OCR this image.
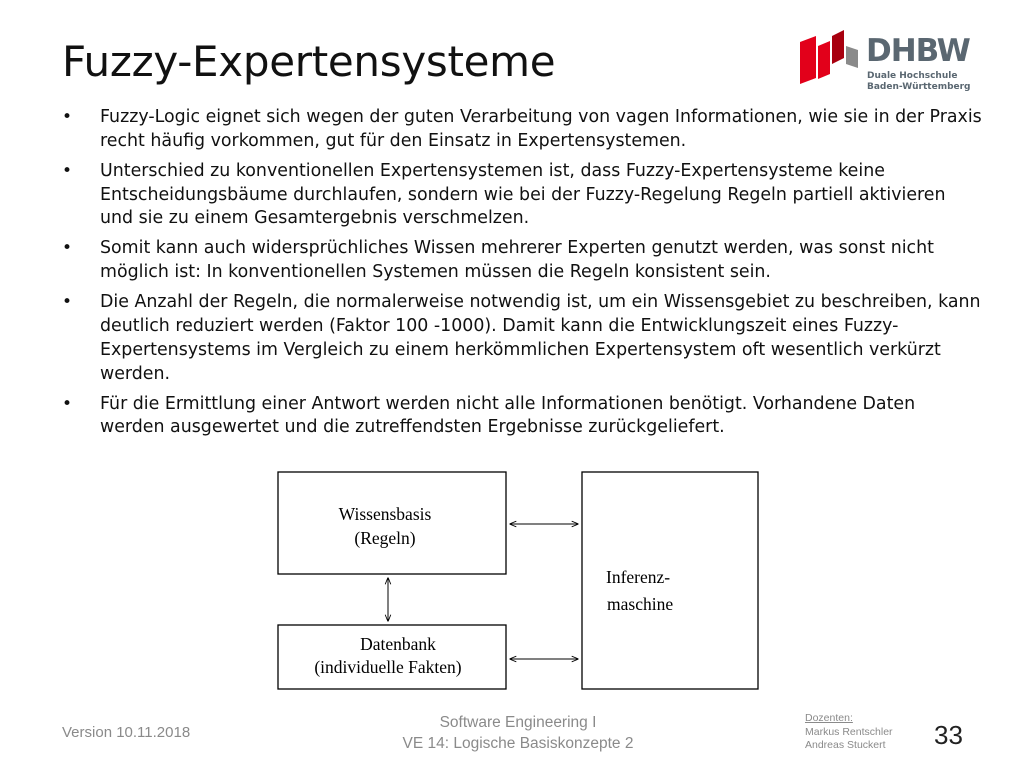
Fuzzy-Expertensysteme	DHBW
Duale Hochschule
Baden-Württemberg
• Fuzzy-Logic eignet sich wegen der guten Verarbeitung von vagen Informationen, wie sie in der Praxis recht häufig vorkommen, gut für den Einsatz in Expertensystemen.
• Unterschied zu konventionellen Expertensystemen ist, dass Fuzzy-Expertensysteme keine Entscheidungsbäume durchlaufen, sondern wie bei der Fuzzy-Regelung Regeln partiell aktivieren und sie zu einem Gesamtergebnis verschmelzen.
• Somit kann auch widersprüchliches Wissen mehrerer Experten genutzt werden, was sonst nicht möglich ist: In konventionellen Systemen müssen die Regeln konsistent sein.
• Die Anzahl der Regeln, die normalerweise notwendig ist, um ein Wissensgebiet zu beschreiben, kann deutlich reduziert werden (Faktor 100 -1000). Damit kann die Entwicklungszeit eines Fuzzy-Expertensystems im Vergleich zu einem herkömmlichen Expertensystem oft wesentlich verkürzt werden.
• Für die Ermittlung einer Antwort werden nicht alle Informationen benötigt. Vorhandene Daten werden ausgewertet und die zutreffendsten Ergebnisse zurückgeliefert.
Wissensbasis
(Regeln)
Datenbank
(individuelle Fakten)
Inferenz-
maschine
Version 10.11.2018
Software Engineering I
VE 14: Logische Basiskonzepte 2
Dozenten:
Markus Rentschler
Andreas Stuckert 33
